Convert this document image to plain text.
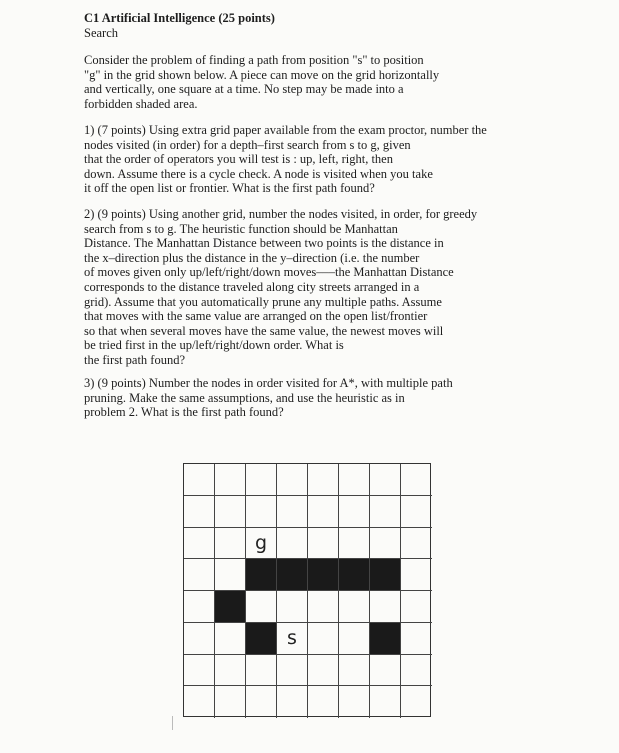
C1 Artificial Intelligence (25 points)
Search
Consider the problem of finding a path from position "s" to position
"g" in the grid shown below. A piece can move on the grid horizontally
and vertically, one square at a time. No step may be made into a
forbidden shaded area.
1) (7 points) Using extra grid paper available from the exam proctor, number the
nodes visited (in order) for a depth–first search from s to g, given
that the order of operators you will test is : up, left, right, then
down. Assume there is a cycle check. A node is visited when you take
it off the open list or frontier. What is the first path found?
2) (9 points) Using another grid, number the nodes visited, in order, for greedy
search from s to g. The heuristic function should be Manhattan
Distance. The Manhattan Distance between two points is the distance in
the x–direction plus the distance in the y–direction (i.e. the number
of moves given only up/left/right/down moves–––the Manhattan Distance
corresponds to the distance traveled along city streets arranged in a
grid). Assume that you automatically prune any multiple paths. Assume
that moves with the same value are arranged on the open list/frontier
so that when several moves have the same value, the newest moves will
be tried first in the up/left/right/down order. What is
the first path found?
3) (9 points) Number the nodes in order visited for A*, with multiple path
pruning. Make the same assumptions, and use the heuristic as in
problem 2. What is the first path found?
g
s
